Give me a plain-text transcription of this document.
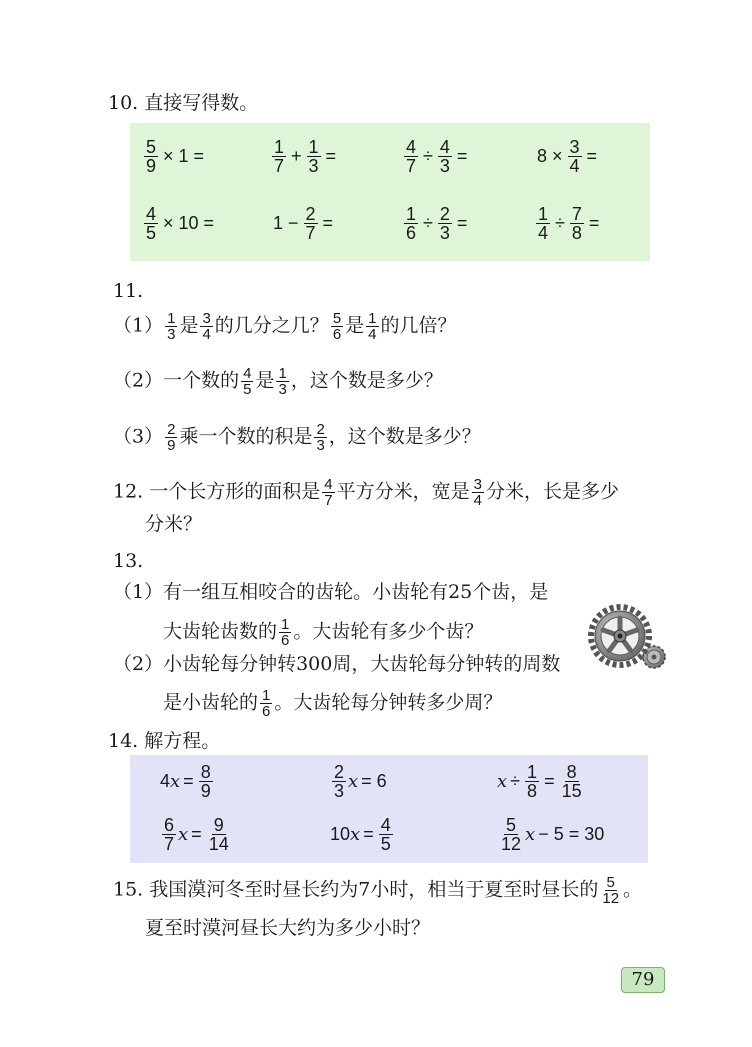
10. 直接写得数。
$\frac{5}{9} \times 1$ =	$\frac{1}{7} + \frac{1}{3}$ =	$\frac{4}{7} \div \frac{4}{3}$ =	$8 \times \frac{3}{4}$ =
$\frac{4}{5} \times 10$ =	$1 - \frac{2}{7}$ =	$\frac{1}{6} \div \frac{2}{3}$ =	$\frac{1}{4} \div \frac{7}{8}$ =
11.
$(1) \frac{1}{3}$ 是 $\frac{3}{4}$ 的几分之几？ $\frac{5}{6}$ 是 $\frac{1}{4}$ 的几倍？
（2）一个数的 $\frac{4}{5}$ 是 $\frac{1}{3}$ ，这个数是多少？
$(3) \frac{2}{9}$ 乘一个数的积是 $\frac{2}{3}$ ，这个数是多少？
12. 一个长方形的面积是 $\frac{4}{7}$ 平方分米，宽是 $\frac{3}{4}$ 分米，长是多少
分米？
13.
（1）有一组互相咬合的齿轮。小齿轮有25个齿，是
大齿轮齿数的 $\frac{1}{6}$ 。大齿轮有多少个齿？
（2）小齿轮每分钟转300周，大齿轮每分钟转的周数
是小齿轮的 $\frac{1}{6}$ 。大齿轮每分钟转多少周？
14. 解方程。
4 $x = \frac{8}{9}$	$\frac{2}{3}$ x = 6	$x \div \frac{1}{8} = \frac{8}{15}$
$\frac{6}{7}$ $x = \frac{9}{14}$	10 $x = \frac{4}{5}$	$\frac{5}{12}$ x − 5 = 30
15. 我国漠河冬至时昼长约为7小时，相当于夏至时昼长的 $\frac{5}{12}$ 。
夏至时漠河昼长大约为多少小时？
79
